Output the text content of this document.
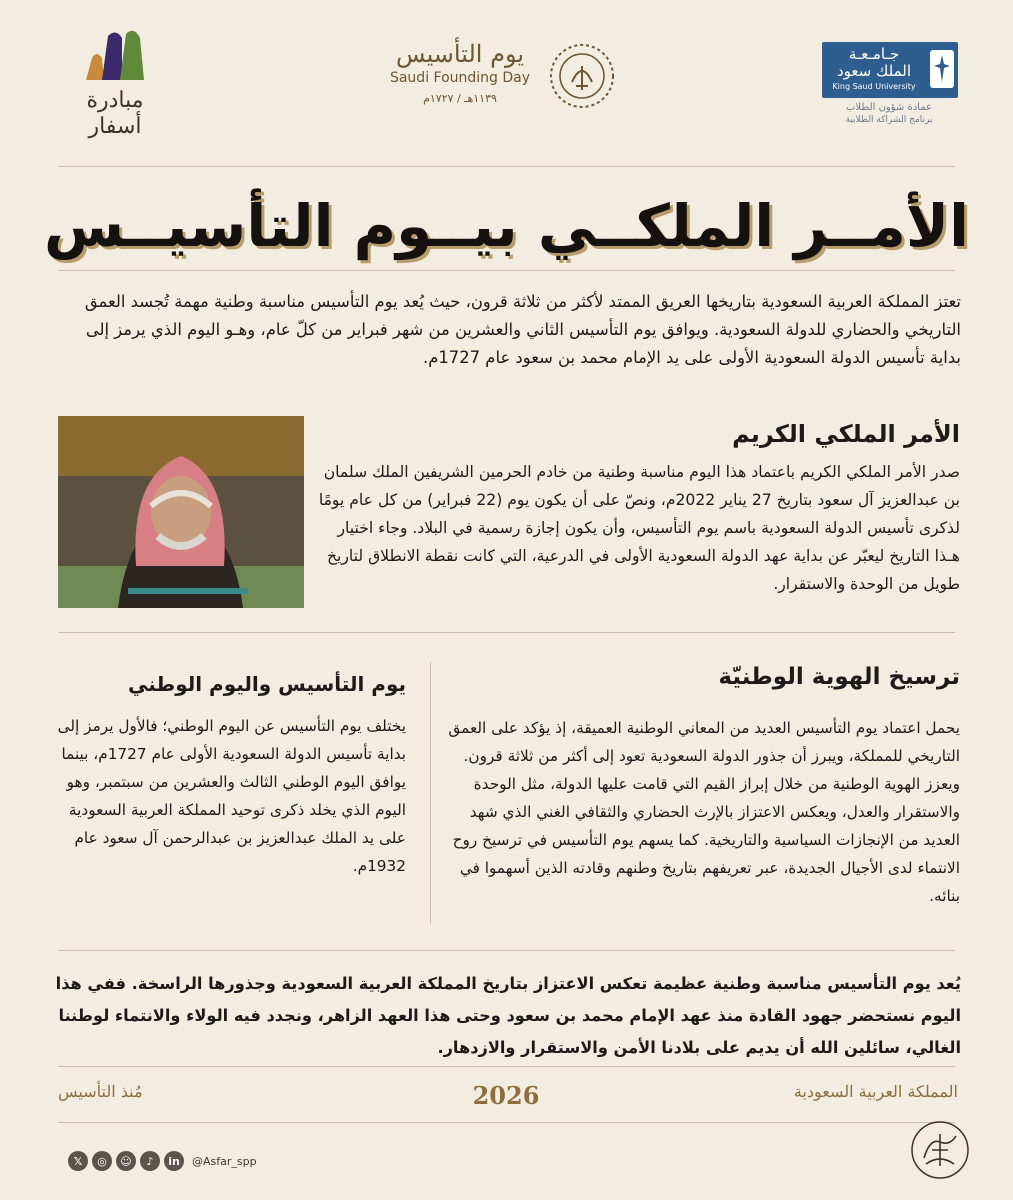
مبادرة
أسفار
يوم التأسيس
Saudi Founding Day
١١٣٩هـ / ١٧٢٧م
جـامـعـة
الملك سعود
King Saud University
عمادة شؤون الطلاب
برنامج الشراكة الطلابية
الأمــر الملكــي بيــوم التأسيــس

تعتز المملكة العربية السعودية بتاريخها العريق الممتد لأكثر من ثلاثة قرون، حيث يُعد يوم التأسيس مناسبة وطنية مهمة تُجسد العمق التاريخي والحضاري للدولة السعودية. ويوافق يوم التأسيس الثاني والعشرين من شهر فبراير من كلّ عام، وهـو اليوم الذي يرمز إلى بداية تأسيس الدولة السعودية الأولى على يد الإمام محمد بن سعود عام 1727م.

الأمر الملكي الكريم

صدر الأمر الملكي الكريم باعتماد هذا اليوم مناسبة وطنية من خادم الحرمين الشريفين الملك سلمان بن عبدالعزيز آل سعود بتاريخ 27 يناير 2022م، ونصّ على أن يكون يوم (22 فبراير) من كل عام يومًا لذكرى تأسيس الدولة السعودية باسم يوم التأسيس، وأن يكون إجازة رسمية في البلاد. وجاء اختيار هـذا التاريخ ليعبّر عن بداية عهد الدولة السعودية الأولى في الدرعية، التي كانت نقطة الانطلاق لتاريخ طويل من الوحدة والاستقرار.

ترسيخ الهوية الوطنيّة

يحمل اعتماد يوم التأسيس العديد من المعاني الوطنية العميقة، إذ يؤكد على العمق التاريخي للمملكة، ويبرز أن جذور الدولة السعودية تعود إلى أكثر من ثلاثة قرون. ويعزز الهوية الوطنية من خلال إبراز القيم التي قامت عليها الدولة، مثل الوحدة والاستقرار والعدل، ويعكس الاعتزاز بالإرث الحضاري والثقافي الغني الذي شهد العديد من الإنجازات السياسية والتاريخية. كما يسهم يوم التأسيس في ترسيخ روح الانتماء لدى الأجيال الجديدة، عبر تعريفهم بتاريخ وطنهم وقادته الذين أسهموا في بنائه.

يوم التأسيس واليوم الوطني

يختلف يوم التأسيس عن اليوم الوطني؛ فالأول يرمز إلى بداية تأسيس الدولة السعودية الأولى عام 1727م، بينما يوافق اليوم الوطني الثالث والعشرين من سبتمبر، وهو اليوم الذي يخلد ذكرى توحيد المملكة العربية السعودية على يد الملك عبدالعزيز بن عبدالرحمن آل سعود عام 1932م.

يُعد يوم التأسيس مناسبة وطنية عظيمة تعكس الاعتزاز بتاريخ المملكة العربية السعودية وجذورها الراسخة. ففي هذا اليوم نستحضر جهود القادة منذ عهد الإمام محمد بن سعود وحتى هذا العهد الزاهر، ونجدد فيه الولاء والانتماء لوطننا الغالي، سائلين الله أن يديم على بلادنا الأمن والاستقرار والازدهار.

مُنذ التأسيس	2026	المملكة العربية السعودية
𝕏	◎	☺	♪	in	@Asfar_spp
